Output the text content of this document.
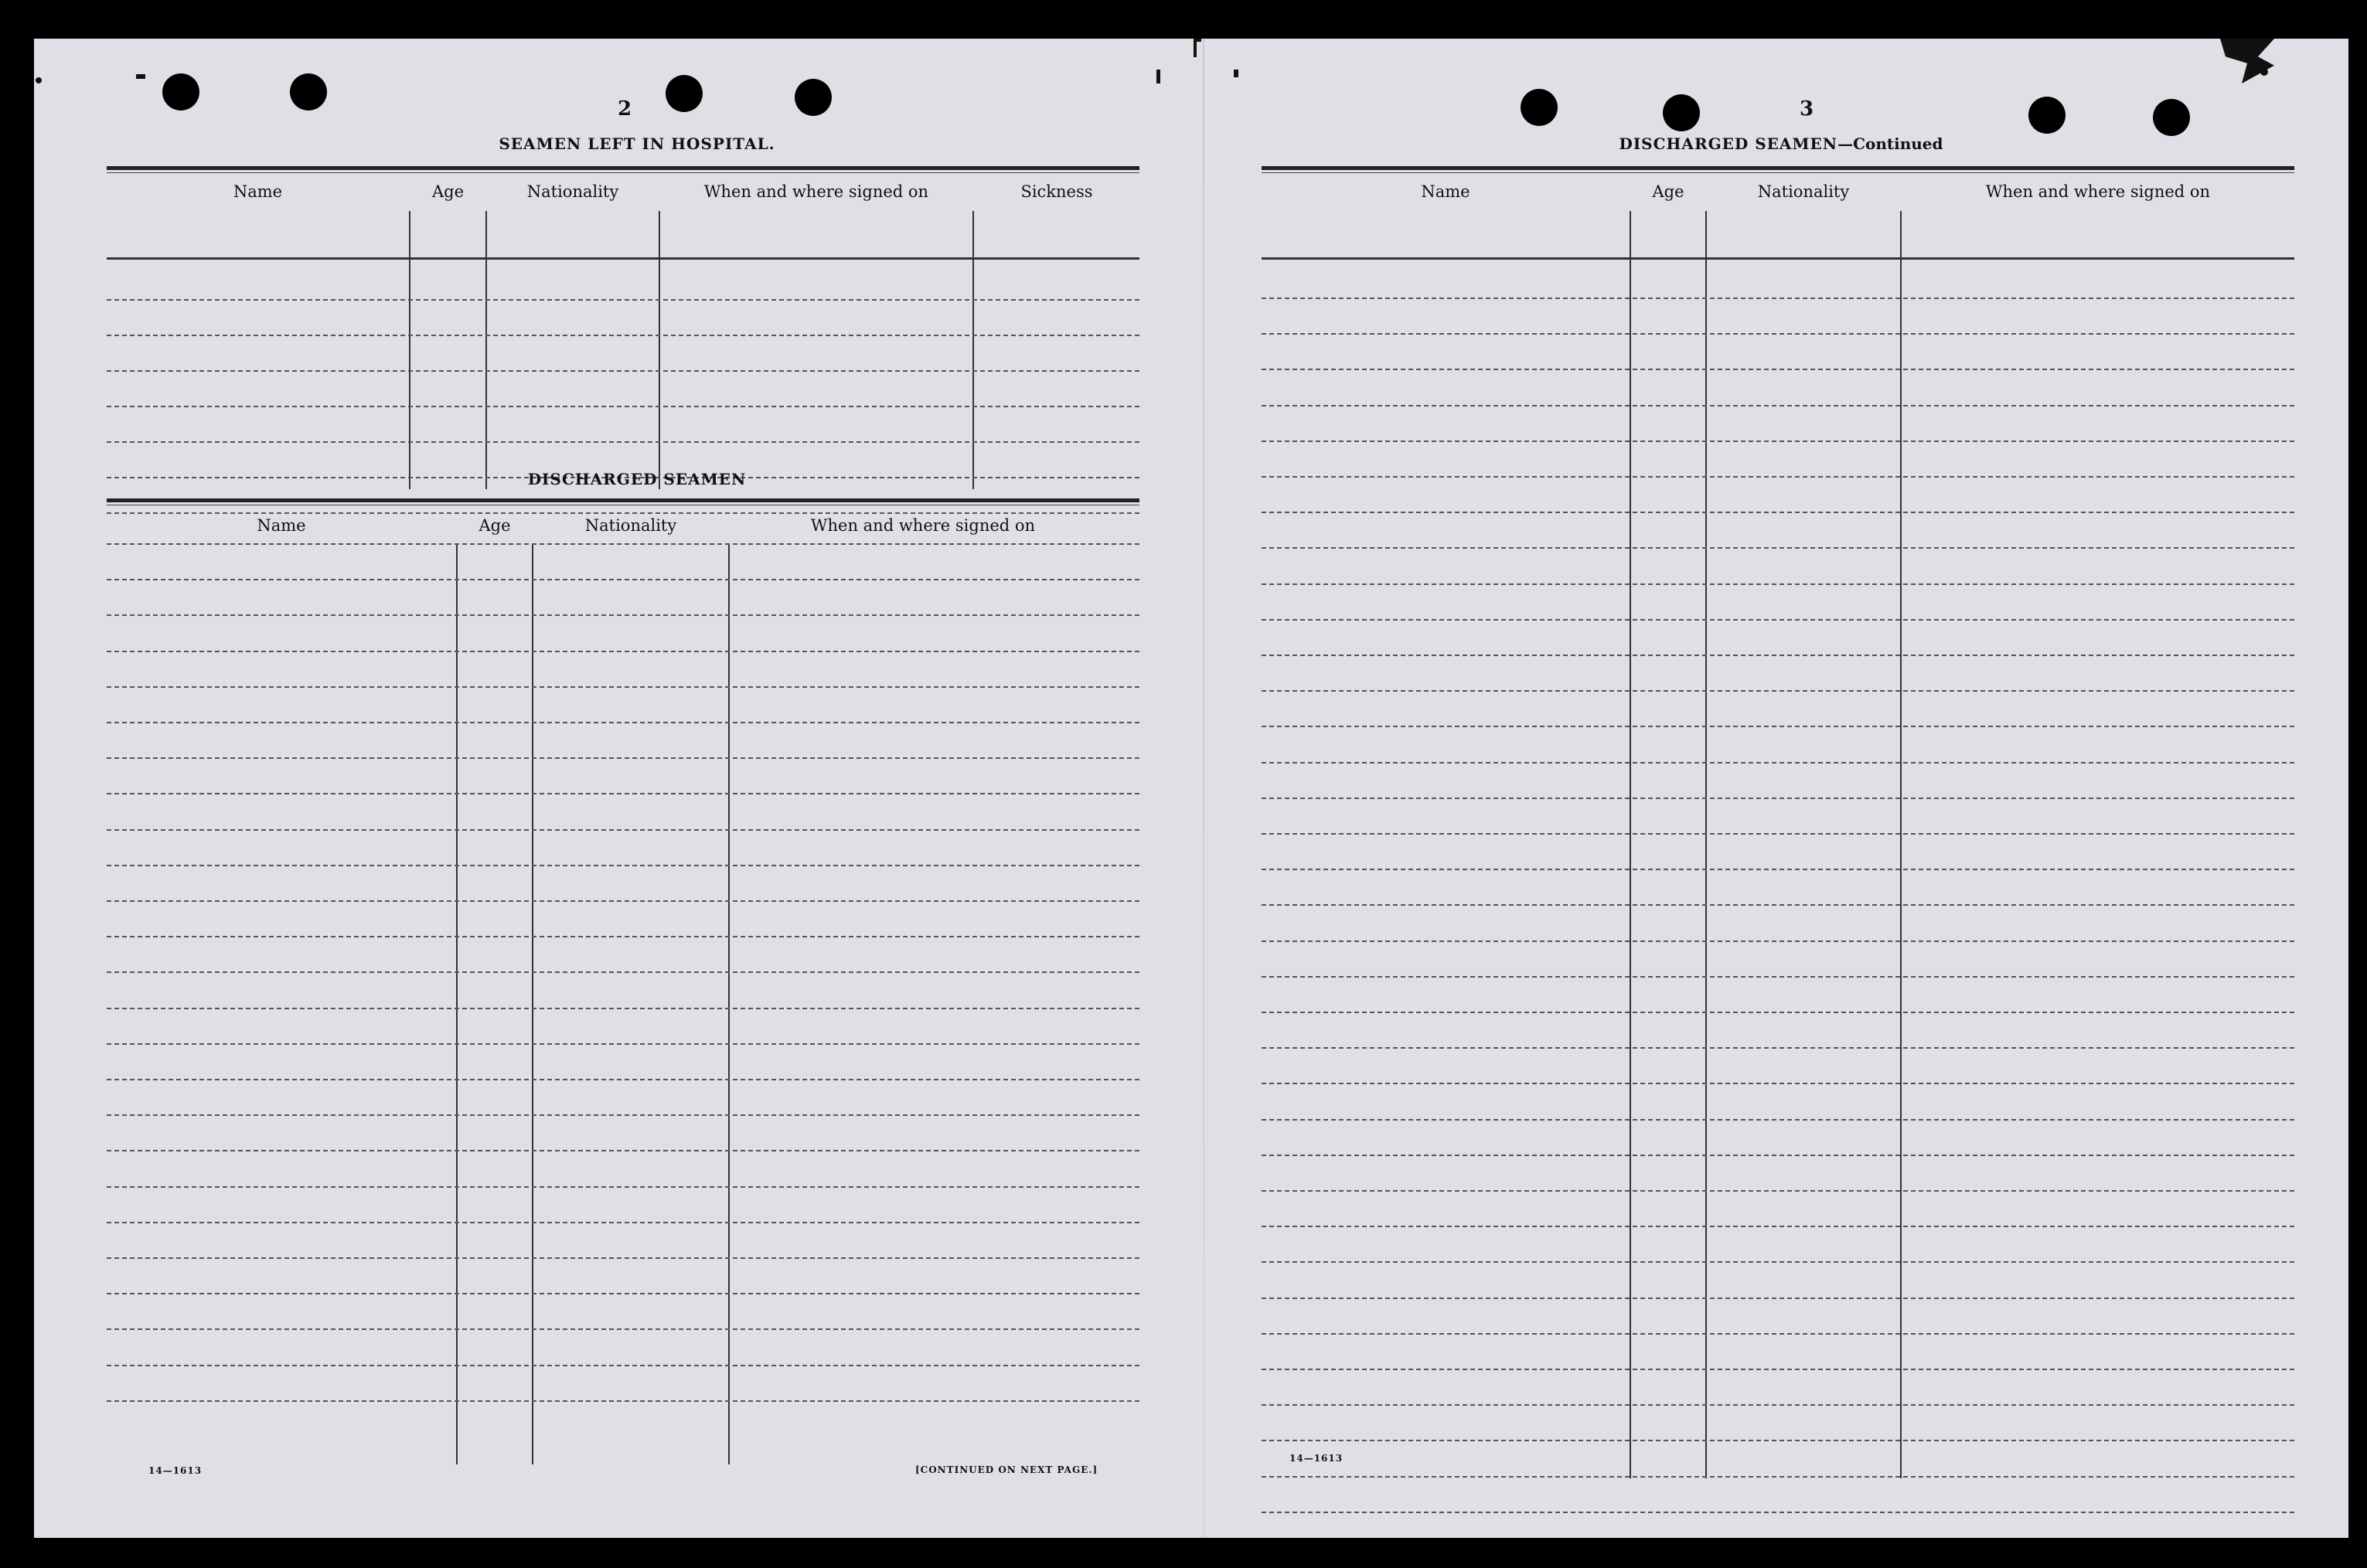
2
SEAMEN LEFT IN HOSPITAL.
Name	Age	Nationality	When and where signed on	Sickness
DISCHARGED SEAMEN
Name	Age	Nationality	When and where signed on
14—1613	[CONTINUED ON NEXT PAGE.]
3
DISCHARGED SEAMEN—Continued
Name	Age	Nationality	When and where signed on
14—1613
